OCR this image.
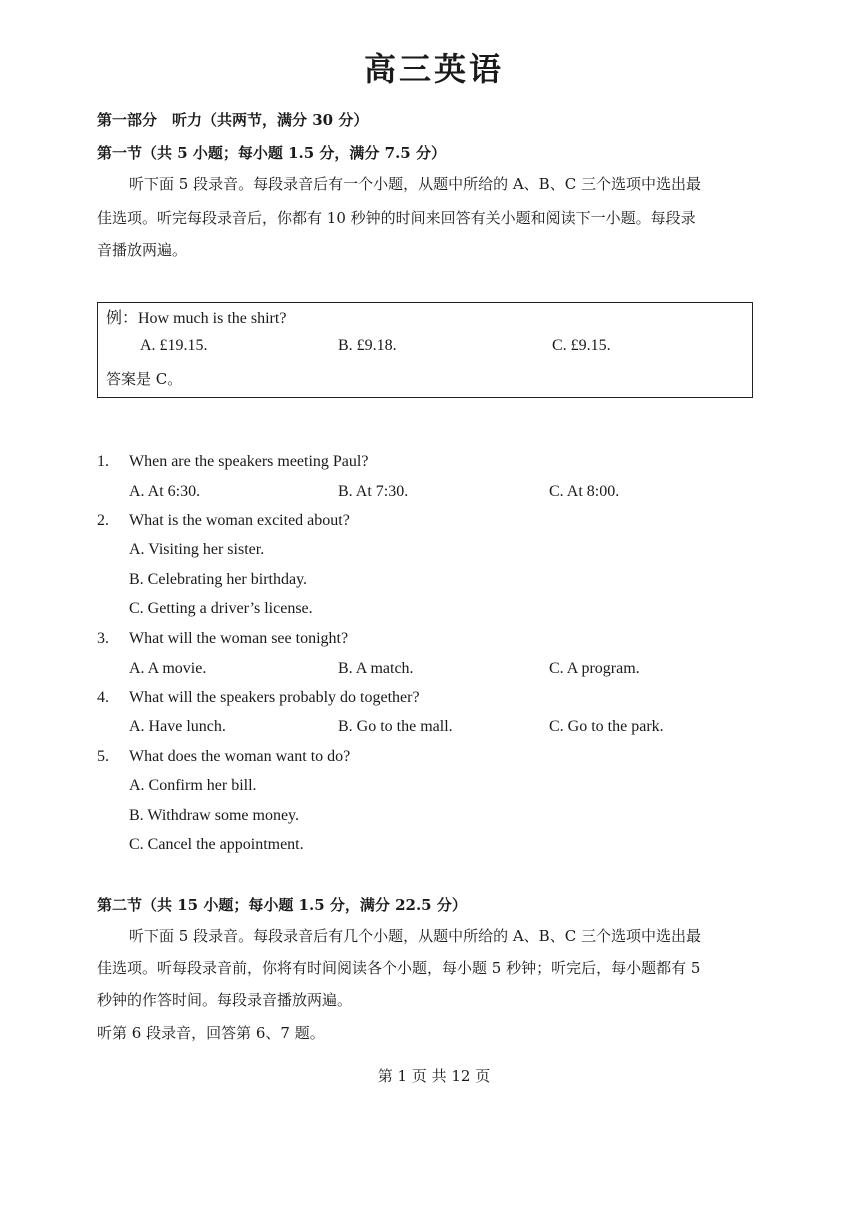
高三英语
第一部分　听力（共两节，满分 30 分）
第一节（共 5 小题；每小题 1.5 分，满分 7.5 分）
听下面 5 段录音。每段录音后有一个小题，从题中所给的 A、B、C 三个选项中选出最
佳选项。听完每段录音后，你都有 10 秒钟的时间来回答有关小题和阅读下一小题。每段录
音播放两遍。
例：How much is the shirt?
A. £19.15.	B. £9.18.	C. £9.15.
答案是 C。
1. When are the speakers meeting Paul?
A. At 6:30.	B. At 7:30.	C. At 8:00.
2. What is the woman excited about?
A. Visiting her sister.
B. Celebrating her birthday.
C. Getting a driver’s license.
3. What will the woman see tonight?
A. A movie.	B. A match.	C. A program.
4. What will the speakers probably do together?
A. Have lunch.	B. Go to the mall.	C. Go to the park.
5. What does the woman want to do?
A. Confirm her bill.
B. Withdraw some money.
C. Cancel the appointment.
第二节（共 15 小题；每小题 1.5 分，满分 22.5 分）
听下面 5 段录音。每段录音后有几个小题，从题中所给的 A、B、C 三个选项中选出最
佳选项。听每段录音前，你将有时间阅读各个小题，每小题 5 秒钟；听完后，每小题都有 5
秒钟的作答时间。每段录音播放两遍。
听第 6 段录音，回答第 6、7 题。
第 1 页 共 12 页
